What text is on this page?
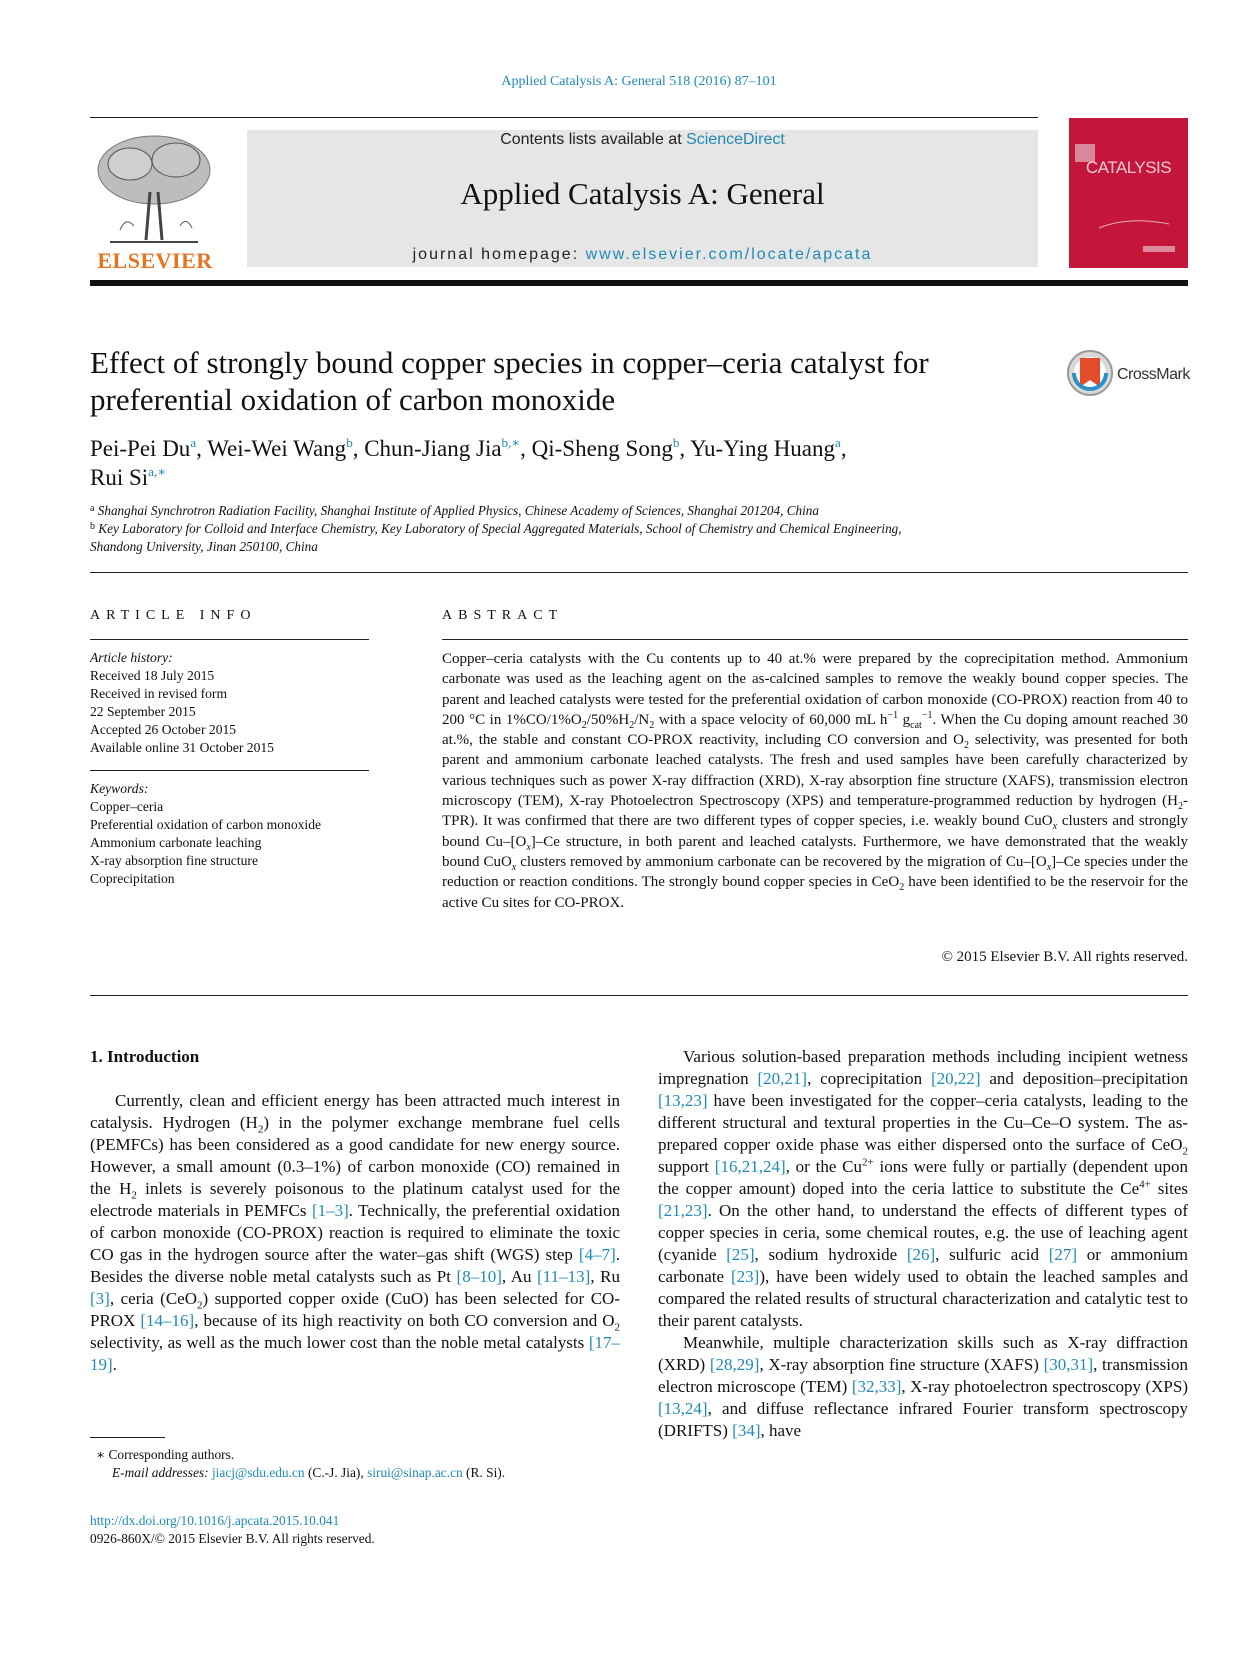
Applied Catalysis A: General 518 (2016) 87–101
ELSEVIER
Contents lists available at ScienceDirect
Applied Catalysis A: General
journal homepage: www.elsevier.com/locate/apcata
CATALYSIS
Effect of strongly bound copper species in copper–ceria catalyst for
preferential oxidation of carbon monoxide
CrossMark
Pei-Pei Du$^a$, Wei-Wei Wang$^b$, Chun-Jiang Jia$^{b,∗}$, Qi-Sheng Song$^b$, Yu-Ying Huang$^a$,
Rui $Si^{a,∗}$
$^a$ Shanghai Synchrotron Radiation Facility, Shanghai Institute of Applied Physics, Chinese Academy of Sciences, Shanghai 201204, China
$^b$ Key Laboratory for Colloid and Interface Chemistry, Key Laboratory of Special Aggregated Materials, School of Chemistry and Chemical Engineering,
Shandong University, Jinan 250100, China
ARTICLE INFO
Article history:
Received 18 July 2015
Received in revised form
22 September 2015
Accepted 26 October 2015
Available online 31 October 2015
Keywords:
Copper–ceria
Preferential oxidation of carbon monoxide
Ammonium carbonate leaching
X-ray absorption fine structure
Coprecipitation
ABSTRACT
Copper–ceria catalysts with the Cu contents up to 40 at.% were prepared by the coprecipitation method. Ammonium carbonate was used as the leaching agent on the as-calcined samples to remove the weakly bound copper species. The parent and leached catalysts were tested for the preferential oxidation of carbon monoxide (CO-PROX) reaction from 40 to 200 °C in $1\%CO/1\%O_2/50\%H_2/N_2$ with a space velocity of 60,000 mL $h^{-1}$ $g_{cat}^{-1}$. When the Cu doping amount reached 30 at.%, the stable and constant CO-PROX reactivity, including CO conversion and $O_2$ selectivity, was presented for both parent and ammonium carbonate leached catalysts. The fresh and used samples have been carefully characterized by various techniques such as power X-ray diffraction (XRD), X-ray absorption fine structure (XAFS), transmission electron microscopy (TEM), X-ray Photoelectron Spectroscopy (XPS) and temperature-programmed reduction by hydrogen $(H_2-TPR)$. It was confirmed that there are two different types of copper species, i.e. weakly bound CuO$_x$ clusters and strongly bound $Cu-[O_x]-Ce$ structure, in both parent and leached catalysts. Furthermore, we have demonstrated that the weakly bound CuO$_x$ clusters removed by ammonium carbonate can be recovered by the migration of $Cu-[O_x]-Ce$ species under the reduction or reaction conditions. The strongly bound copper species in CeO$_2$ have been identified to be the reservoir for the active Cu sites for CO-PROX.
© 2015 Elsevier B.V. All rights reserved.
1. Introduction

Currently, clean and efficient energy has been attracted much interest in catalysis. Hydrogen $(H_2)$ in the polymer exchange membrane fuel cells (PEMFCs) has been considered as a good candidate for new energy source. However, a small amount (0.3–1%) of carbon monoxide (CO) remained in the $H_2$ inlets is severely poisonous to the platinum catalyst used for the electrode materials in PEMFCs [1–3]. Technically, the preferential oxidation of carbon monoxide (CO-PROX) reaction is required to eliminate the toxic CO gas in the hydrogen source after the water–gas shift (WGS) step [4–7]. Besides the diverse noble metal catalysts such as Pt [8–10], Au [11–13], Ru [3], ceria (CeO$_2$) supported copper oxide (CuO) has been selected for CO-PROX [14–16], because of its high reactivity on both CO conversion and $O_2$ selectivity, as well as the much lower cost than the noble metal catalysts [17–19].

Various solution-based preparation methods including incipient wetness impregnation [20,21], coprecipitation [20,22] and deposition–precipitation [13,23] have been investigated for the copper–ceria catalysts, leading to the different structural and textural properties in the Cu–Ce–O system. The as-prepared copper oxide phase was either dispersed onto the surface of CeO$_2$ support [16,21,24], or the $Cu^{2+}$ ions were fully or partially (dependent upon the copper amount) doped into the ceria lattice to substitute the $Ce^{4+}$ sites [21,23]. On the other hand, to understand the effects of different types of copper species in ceria, some chemical routes, e.g. the use of leaching agent (cyanide [25], sodium hydroxide [26], sulfuric acid [27] or ammonium carbonate [23]), have been widely used to obtain the leached samples and compared the related results of structural characterization and catalytic test to their parent catalysts.

Meanwhile, multiple characterization skills such as X-ray diffraction (XRD) [28,29], X-ray absorption fine structure (XAFS) [30,31], transmission electron microscope (TEM) [32,33], X-ray photoelectron spectroscopy (XPS) [13,24], and diffuse reflectance infrared Fourier transform spectroscopy (DRIFTS) [34], have

∗ Corresponding authors.
E-mail addresses: jiacj@sdu.edu.cn (C.-J. Jia), sirui@sinap.ac.cn (R. Si).
http://dx.doi.org/10.1016/j.apcata.2015.10.041
0926-860X/© 2015 Elsevier B.V. All rights reserved.
